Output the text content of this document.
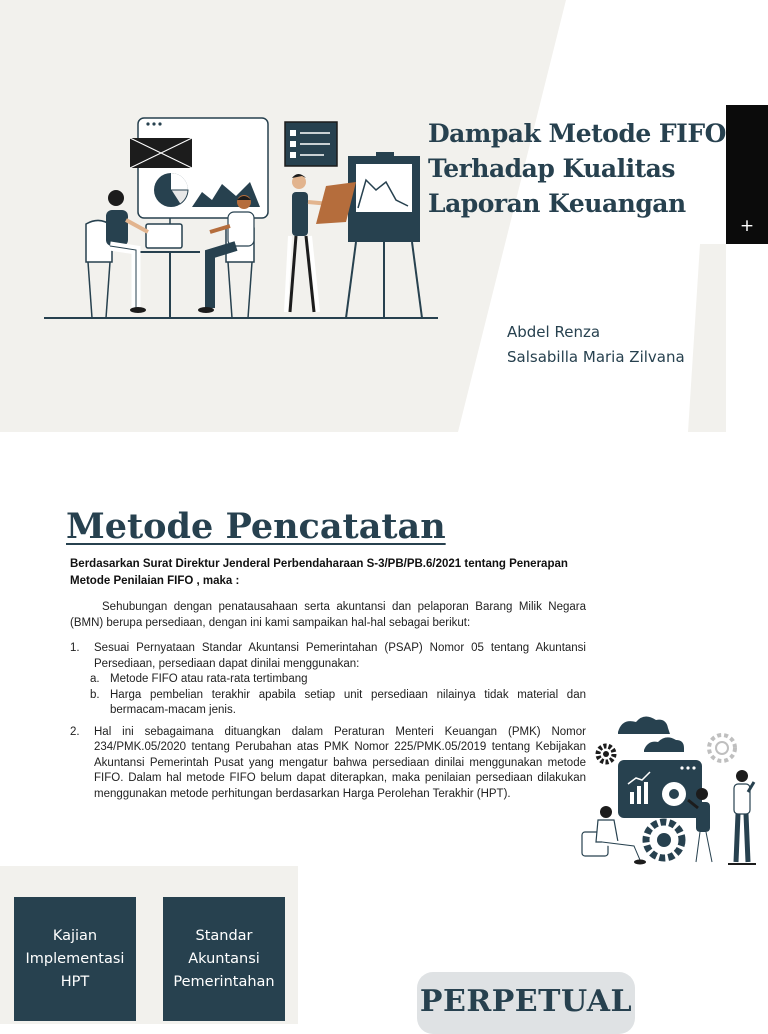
Dampak Metode FIFO
Terhadap Kualitas
Laporan Keuangan
Abdel Renza
Salsabilla Maria Zilvana
+
Metode Pencatatan
Berdasarkan Surat Direktur Jenderal Perbendaharaan S-3/PB/PB.6/2021 tentang Penerapan Metode Penilaian FIFO , maka :

Sehubungan dengan penatausahaan serta akuntansi dan pelaporan Barang Milik Negara (BMN) berupa persediaan, dengan ini kami sampaikan hal-hal sebagai berikut:

1. Sesuai Pernyataan Standar Akuntansi Pemerintahan (PSAP) Nomor 05 tentang Akuntansi Persediaan, persediaan dapat dinilai menggunakan:

a. Metode FIFO atau rata-rata tertimbang

b. Harga pembelian terakhir apabila setiap unit persediaan nilainya tidak material dan bermacam-macam jenis.

2. Hal ini sebagaimana dituangkan dalam Peraturan Menteri Keuangan (PMK) Nomor 234/PMK.05/2020 tentang Perubahan atas PMK Nomor 225/PMK.05/2019 tentang Kebijakan Akuntansi Pemerintah Pusat yang mengatur bahwa persediaan dinilai menggunakan metode FIFO. Dalam hal metode FIFO belum dapat diterapkan, maka penilaian persediaan dilakukan menggunakan metode perhitungan berdasarkan Harga Perolehan Terakhir (HPT).

Kajian
Implementasi
HPT
Standar
Akuntansi
Pemerintahan
PERPETUAL
